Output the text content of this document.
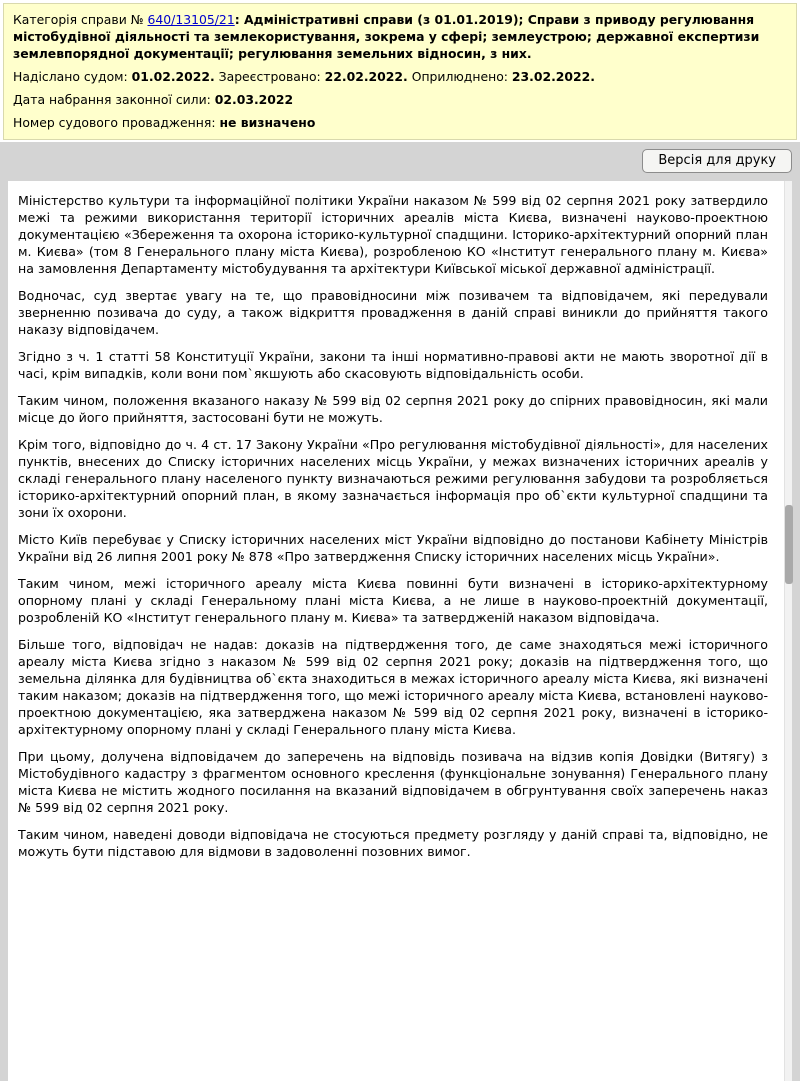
Категорія справи № 640/13105/21: Адміністративні справи (з 01.01.2019); Справи з приводу регулювання містобудівної діяльності та землекористування, зокрема у сфері; землеустрою; державної експертизи землевпорядної документації; регулювання земельних відносин, з них.
Надіслано судом: 01.02.2022. Зареєстровано: 22.02.2022. Оприлюднено: 23.02.2022.
Дата набрання законної сили: 02.03.2022
Номер судового провадження: не визначено
Версія для друку

Міністерство культури та інформаційної політики України наказом № 599 від 02 серпня 2021 року затвердило межі та режими використання території історичних ареалів міста Києва, визначені науково-проектною документацією «Збереження та охорона історико-культурної спадщини. Історико-архітектурний опорний план м. Києва» (том 8 Генерального плану міста Києва), розробленою КО «Інститут генерального плану м. Києва» на замовлення Департаменту містобудування та архітектури Київської міської державної адміністрації.

Водночас, суд звертає увагу на те, що правовідносини між позивачем та відповідачем, які передували зверненню позивача до суду, а також відкриття провадження в даній справі виникли до прийняття такого наказу відповідачем.

Згідно з ч. 1 статті 58 Конституції України, закони та інші нормативно-правові акти не мають зворотної дії в часі, крім випадків, коли вони пом`якшують або скасовують відповідальність особи.

Таким чином, положення вказаного наказу № 599 від 02 серпня 2021 року до спірних правовідносин, які мали місце до його прийняття, застосовані бути не можуть.

Крім того, відповідно до ч. 4 ст. 17 Закону України «Про регулювання містобудівної діяльності», для населених пунктів, внесених до Списку історичних населених місць України, у межах визначених історичних ареалів у складі генерального плану населеного пункту визначаються режими регулювання забудови та розробляється історико-архітектурний опорний план, в якому зазначається інформація про об`єкти культурної спадщини та зони їх охорони.

Місто Київ перебуває у Списку історичних населених міст України відповідно до постанови Кабінету Міністрів України від 26 липня 2001 року № 878 «Про затвердження Списку історичних населених місць України».

Таким чином, межі історичного ареалу міста Києва повинні бути визначені в історико-архітектурному опорному плані у складі Генеральному плані міста Києва, а не лише в науково-проектній документації, розробленій КО «Інститут генерального плану м. Києва» та затвердженій наказом відповідача.

Більше того, відповідач не надав: доказів на підтвердження того, де саме знаходяться межі історичного ареалу міста Києва згідно з наказом № 599 від 02 серпня 2021 року; доказів на підтвердження того, що земельна ділянка для будівництва об`єкта знаходиться в межах історичного ареалу міста Києва, які визначені таким наказом; доказів на підтвердження того, що межі історичного ареалу міста Києва, встановлені науково-проектною документацією, яка затверджена наказом № 599 від 02 серпня 2021 року, визначені в історико-архітектурному опорному плані у складі Генерального плану міста Києва.

При цьому, долучена відповідачем до заперечень на відповідь позивача на відзив копія Довідки (Витягу) з Містобудівного кадастру з фрагментом основного креслення (функціональне зонування) Генерального плану міста Києва не містить жодного посилання на вказаний відповідачем в обгрунтування своїх заперечень наказ № 599 від 02 серпня 2021 року.

Таким чином, наведені доводи відповідача не стосуються предмету розгляду у даній справі та, відповідно, не можуть бути підставою для відмови в задоволенні позовних вимог.
